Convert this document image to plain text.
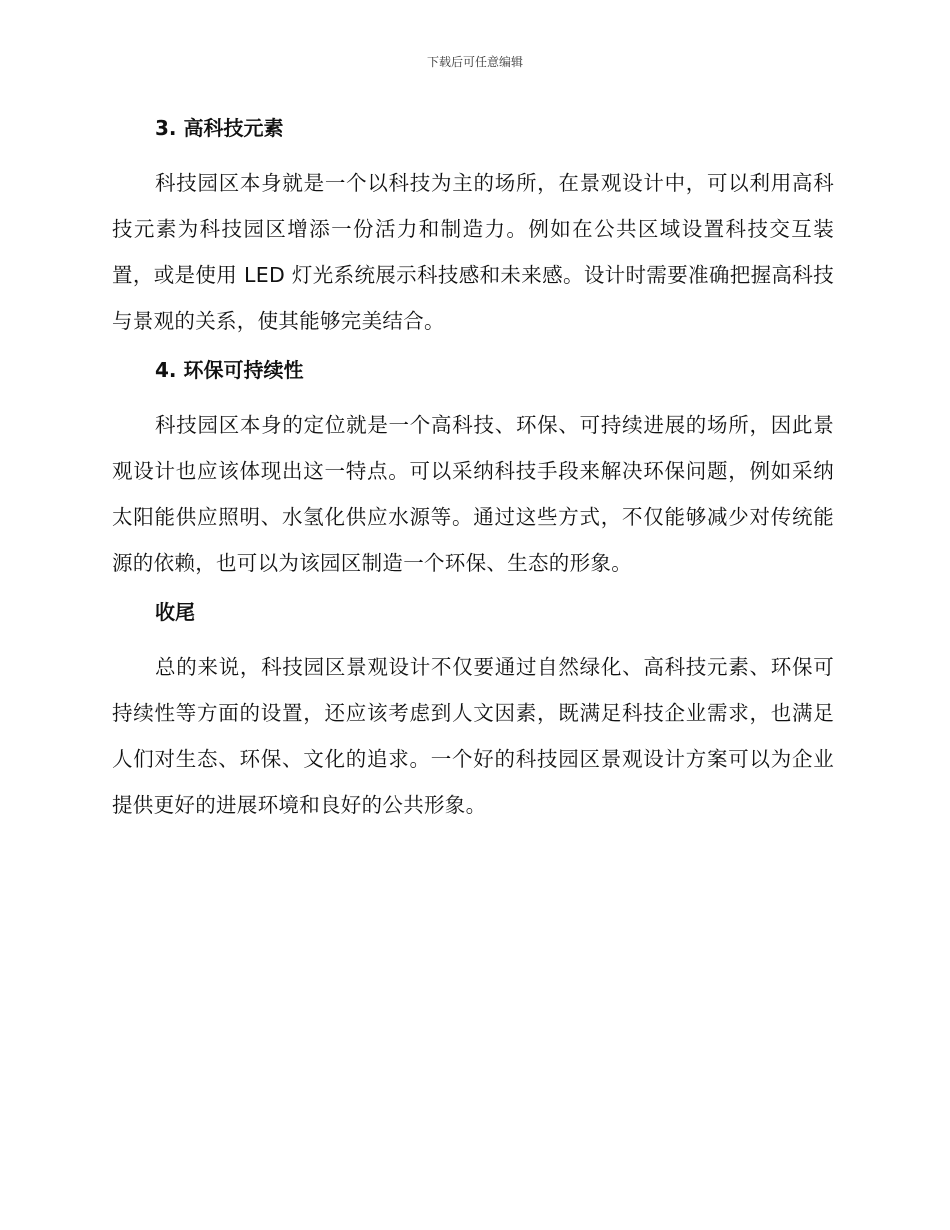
下载后可任意编辑
3. 高科技元素

科技园区本身就是一个以科技为主的场所，在景观设计中，可以利用高科技元素为科技园区增添一份活力和制造力。例如在公共区域设置科技交互装置，或是使用 LED 灯光系统展示科技感和未来感。设计时需要准确把握高科技与景观的关系，使其能够完美结合。

4. 环保可持续性

科技园区本身的定位就是一个高科技、环保、可持续进展的场所，因此景观设计也应该体现出这一特点。可以采纳科技手段来解决环保问题，例如采纳太阳能供应照明、水氢化供应水源等。通过这些方式，不仅能够减少对传统能源的依赖，也可以为该园区制造一个环保、生态的形象。

收尾

总的来说，科技园区景观设计不仅要通过自然绿化、高科技元素、环保可持续性等方面的设置，还应该考虑到人文因素，既满足科技企业需求，也满足人们对生态、环保、文化的追求。一个好的科技园区景观设计方案可以为企业提供更好的进展环境和良好的公共形象。
